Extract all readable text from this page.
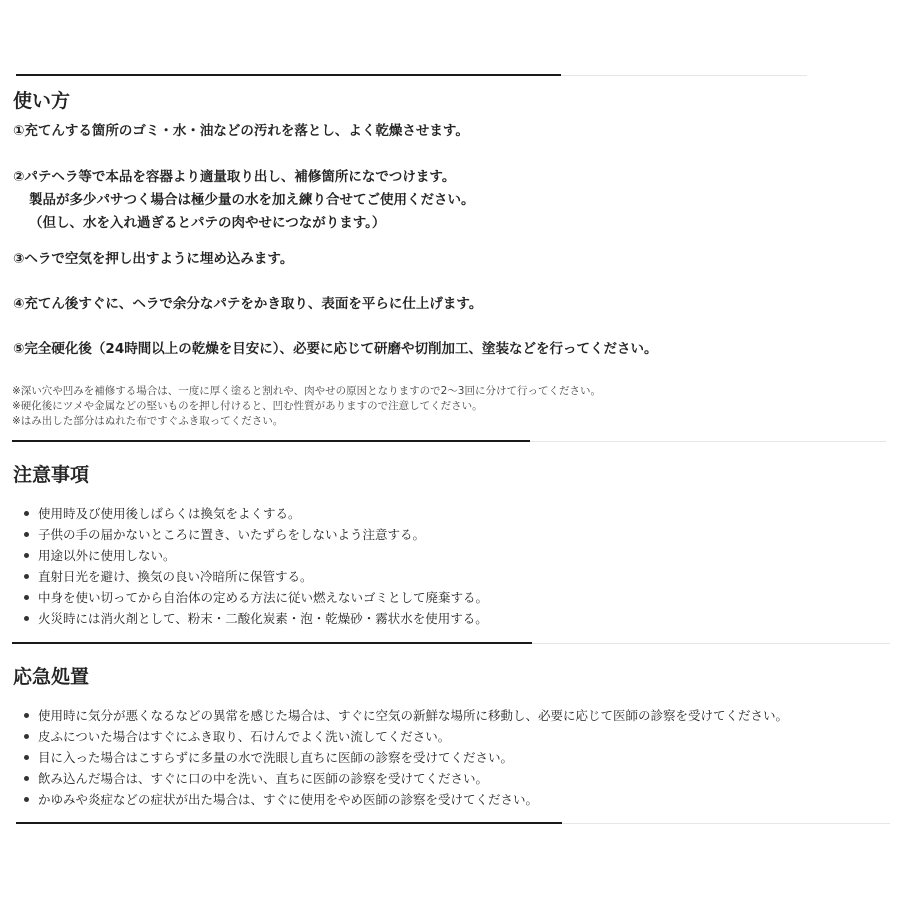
使い方

①充てんする箇所のゴミ・水・油などの汚れを落とし、よく乾燥させます。

②パテヘラ等で本品を容器より適量取り出し、補修箇所になでつけます。
製品が多少パサつく場合は極少量の水を加え練り合せてご使用ください。
（但し、水を入れ過ぎるとパテの肉やせにつながります。）

③ヘラで空気を押し出すように埋め込みます。

④充てん後すぐに、ヘラで余分なパテをかき取り、表面を平らに仕上げます。

⑤完全硬化後（24時間以上の乾燥を目安に）、必要に応じて研磨や切削加工、塗装などを行ってください。

※深い穴や凹みを補修する場合は、一度に厚く塗ると割れや、肉やせの原因となりますので2～3回に分けて行ってください。
※硬化後にツメや金属などの堅いものを押し付けると、凹む性質がありますので注意してください。
※はみ出した部分はぬれた布ですぐふき取ってください。
注意事項
使用時及び使用後しばらくは換気をよくする。
子供の手の届かないところに置き、いたずらをしないよう注意する。
用途以外に使用しない。
直射日光を避け、換気の良い冷暗所に保管する。
中身を使い切ってから自治体の定める方法に従い燃えないゴミとして廃棄する。
火災時には消火剤として、粉末・二酸化炭素・泡・乾燥砂・霧状水を使用する。
応急処置
使用時に気分が悪くなるなどの異常を感じた場合は、すぐに空気の新鮮な場所に移動し、必要に応じて医師の診察を受けてください。
皮ふについた場合はすぐにふき取り、石けんでよく洗い流してください。
目に入った場合はこすらずに多量の水で洗眼し直ちに医師の診察を受けてください。
飲み込んだ場合は、すぐに口の中を洗い、直ちに医師の診察を受けてください。
かゆみや炎症などの症状が出た場合は、すぐに使用をやめ医師の診察を受けてください。
